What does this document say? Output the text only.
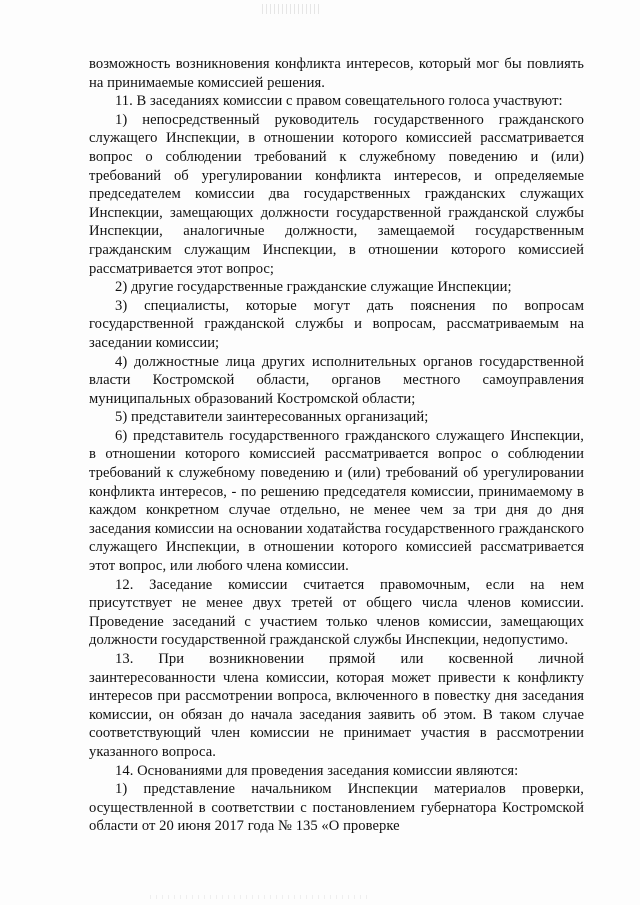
возможность возникновения конфликта интересов, который мог бы повлиять на принимаемые комиссией решения.

11. В заседаниях комиссии с правом совещательного голоса участвуют:

1) непосредственный руководитель государственного гражданского служащего Инспекции, в отношении которого комиссией рассматривается вопрос о соблюдении требований к служебному поведению и (или) требований об урегулировании конфликта интересов, и определяемые председателем комиссии два государственных гражданских служащих Инспекции, замещающих должности государственной гражданской службы Инспекции, аналогичные должности, замещаемой государственным гражданским служащим Инспекции, в отношении которого комиссией рассматривается этот вопрос;

2) другие государственные гражданские служащие Инспекции;

3) специалисты, которые могут дать пояснения по вопросам государственной гражданской службы и вопросам, рассматриваемым на заседании комиссии;

4) должностные лица других исполнительных органов государственной власти Костромской области, органов местного самоуправления муниципальных образований Костромской области;

5) представители заинтересованных организаций;

6) представитель государственного гражданского служащего Инспекции, в отношении которого комиссией рассматривается вопрос о соблюдении требований к служебному поведению и (или) требований об урегулировании конфликта интересов, - по решению председателя комиссии, принимаемому в каждом конкретном случае отдельно, не менее чем за три дня до дня заседания комиссии на основании ходатайства государственного гражданского служащего Инспекции, в отношении которого комиссией рассматривается этот вопрос, или любого члена комиссии.

12. Заседание комиссии считается правомочным, если на нем присутствует не менее двух третей от общего числа членов комиссии. Проведение заседаний с участием только членов комиссии, замещающих должности государственной гражданской службы Инспекции, недопустимо.

13. При возникновении прямой или косвенной личной заинтересованности члена комиссии, которая может привести к конфликту интересов при рассмотрении вопроса, включенного в повестку дня заседания комиссии, он обязан до начала заседания заявить об этом. В таком случае соответствующий член комиссии не принимает участия в рассмотрении указанного вопроса.

14. Основаниями для проведения заседания комиссии являются:

1) представление начальником Инспекции материалов проверки, осуществленной в соответствии с постановлением губернатора Костромской области от 20 июня 2017 года № 135 «О проверке
